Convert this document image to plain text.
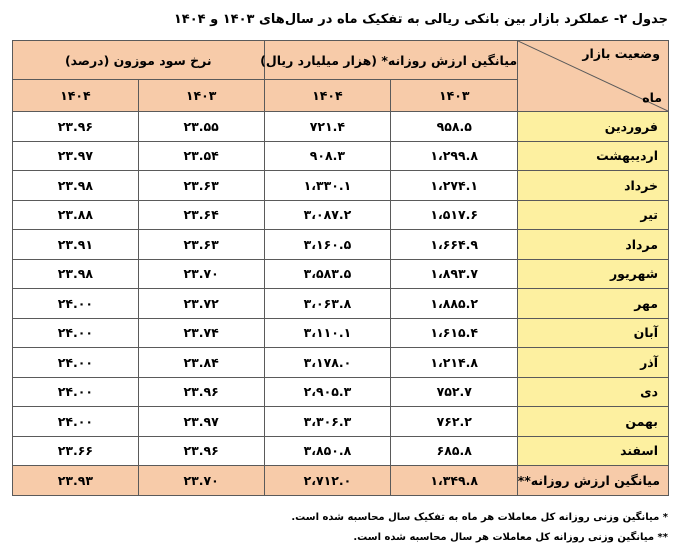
جدول ۲- عملکرد بازار بین بانکی ریالی به تفکیک ماه در سال‌های ۱۴۰۳ و ۱۴۰۴
وضعیت بازار
ماه	میانگین ارزش روزانه* (هزار میلیارد ریال)		نرخ سود موزون (درصد)	
	۱۴۰۳	۱۴۰۴	۱۴۰۳	۱۴۰۴
فروردین	۹۵۸.۵	۷۲۱.۴	۲۳.۵۵	۲۳.۹۶
اردیبهشت	۱،۲۹۹.۸	۹۰۸.۳	۲۳.۵۴	۲۳.۹۷
خرداد	۱،۲۷۴.۱	۱،۳۳۰.۱	۲۳.۶۳	۲۳.۹۸
تیر	۱،۵۱۷.۶	۳،۰۸۷.۲	۲۳.۶۴	۲۳.۸۸
مرداد	۱،۶۶۴.۹	۳،۱۶۰.۵	۲۳.۶۳	۲۳.۹۱
شهریور	۱،۸۹۳.۷	۳،۵۸۳.۵	۲۳.۷۰	۲۳.۹۸
مهر	۱،۸۸۵.۲	۳،۰۶۳.۸	۲۳.۷۲	۲۴.۰۰
آبان	۱،۶۱۵.۴	۳،۱۱۰.۱	۲۳.۷۴	۲۴.۰۰
آذر	۱،۲۱۴.۸	۳،۱۷۸.۰	۲۳.۸۴	۲۴.۰۰
دی	۷۵۲.۷	۲،۹۰۵.۳	۲۳.۹۶	۲۴.۰۰
بهمن	۷۶۲.۲	۳،۳۰۶.۳	۲۳.۹۷	۲۴.۰۰
اسفند	۶۸۵.۸	۳،۸۵۰.۸	۲۳.۹۶	۲۳.۶۶
میانگین ارزش روزانه**	۱،۳۴۹.۸	۲،۷۱۲.۰	۲۳.۷۰	۲۳.۹۳
* میانگین وزنی روزانه کل معاملات هر ماه به تفکیک سال محاسبه شده است.
** میانگین وزنی روزانه کل معاملات هر سال محاسبه شده است.
